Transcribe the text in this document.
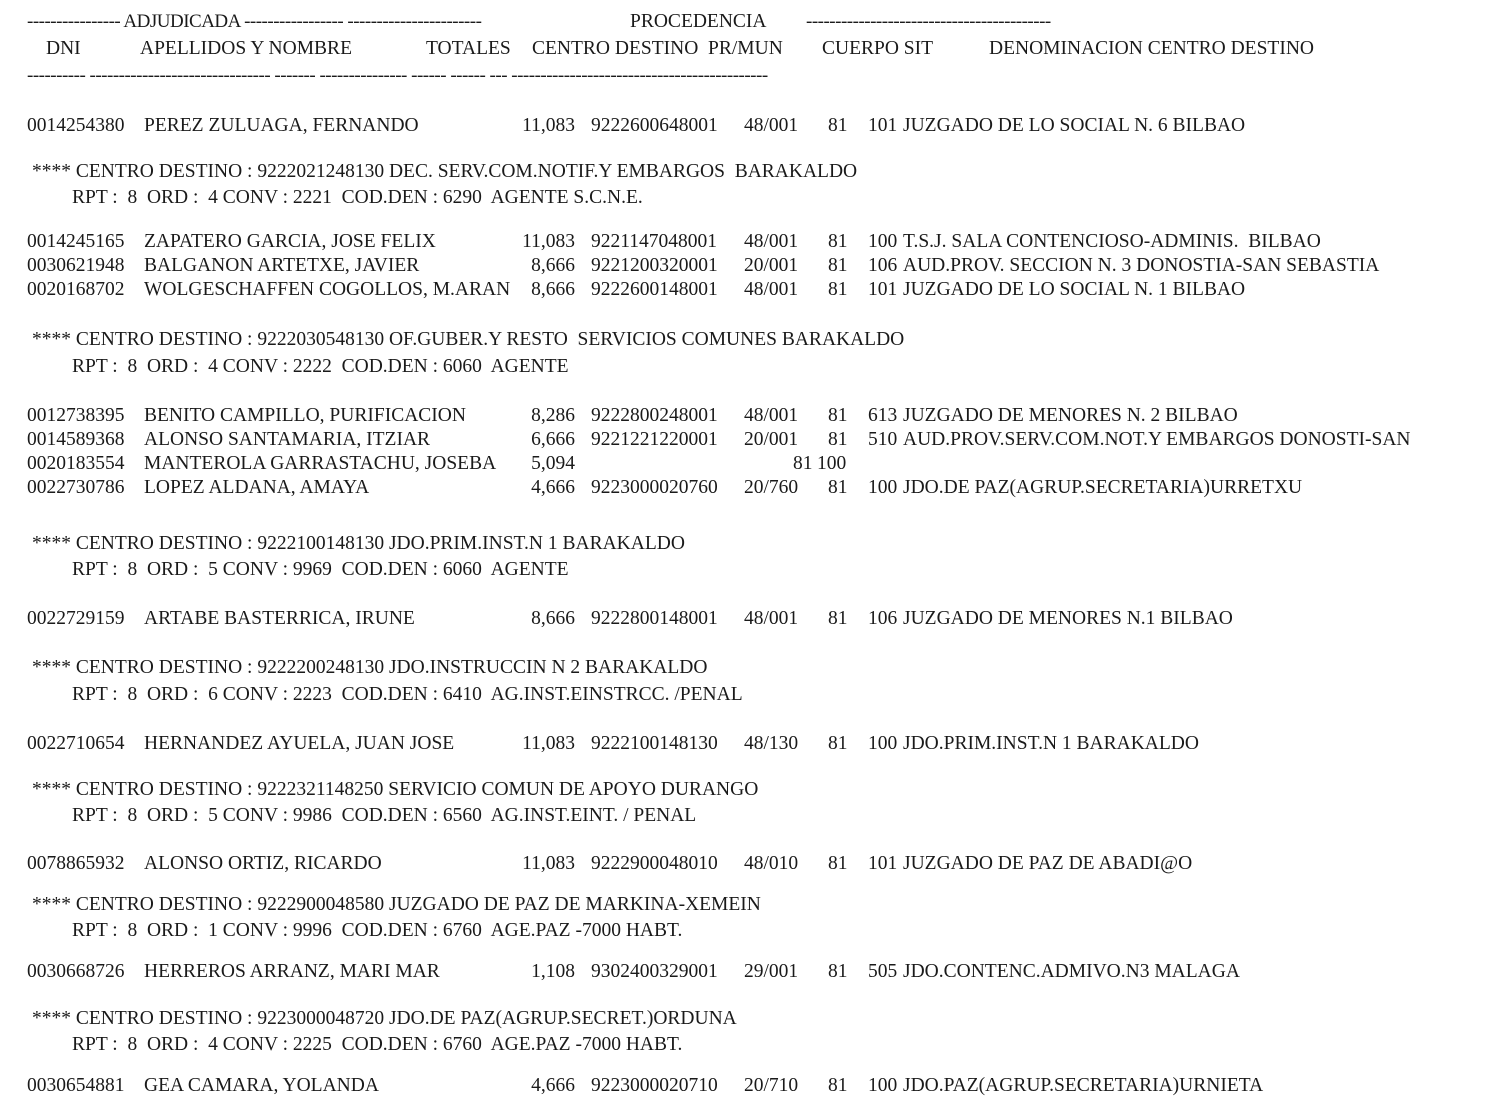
---------------- ADJUDICADA ----------------- -----------------------	PROCEDENCIA ------------------------------------------
DNI	APELLIDOS Y NOMBRE	TOTALES CENTRO DESTINO  PR/MUN CUERPO SIT	DENOMINACION CENTRO DESTINO
---------- ------------------------------- ------- --------------- ------ ------ --- --------------------------------------------
0014254380 PEREZ ZULUAGA, FERNANDO	11,083 9222600648001 48/001 81 101 JUZGADO DE LO SOCIAL N. 6 BILBAO
**** CENTRO DESTINO : 9222021248130 DEC. SERV.COM.NOTIF.Y EMBARGOS  BARAKALDO
RPT :  8  ORD :  4 CONV : 2221  COD.DEN : 6290  AGENTE S.C.N.E.
0014245165 ZAPATERO GARCIA, JOSE FELIX	11,083 9221147048001 48/001 81 100 T.S.J. SALA CONTENCIOSO-ADMINIS.  BILBAO
0030621948 BALGANON ARTETXE, JAVIER	8,666 9221200320001 20/001 81 106 AUD.PROV. SECCION N. 3 DONOSTIA-SAN SEBASTIA
0020168702 WOLGESCHAFFEN COGOLLOS, M.ARAN	8,666 9222600148001 48/001 81 101 JUZGADO DE LO SOCIAL N. 1 BILBAO
**** CENTRO DESTINO : 9222030548130 OF.GUBER.Y RESTO  SERVICIOS COMUNES BARAKALDO
RPT :  8  ORD :  4 CONV : 2222  COD.DEN : 6060  AGENTE
0012738395 BENITO CAMPILLO, PURIFICACION	8,286 9222800248001 48/001 81 613 JUZGADO DE MENORES N. 2 BILBAO
0014589368 ALONSO SANTAMARIA, ITZIAR	6,666 9221221220001 20/001 81 510 AUD.PROV.SERV.COM.NOT.Y EMBARGOS DONOSTI-SAN
0020183554 MANTEROLA GARRASTACHU, JOSEBA	5,094	81 100
0022730786 LOPEZ ALDANA, AMAYA	4,666 9223000020760 20/760 81 100 JDO.DE PAZ(AGRUP.SECRETARIA)URRETXU
**** CENTRO DESTINO : 9222100148130 JDO.PRIM.INST.N 1 BARAKALDO
RPT :  8  ORD :  5 CONV : 9969  COD.DEN : 6060  AGENTE
0022729159 ARTABE BASTERRICA, IRUNE	8,666 9222800148001 48/001 81 106 JUZGADO DE MENORES N.1 BILBAO
**** CENTRO DESTINO : 9222200248130 JDO.INSTRUCCIN N 2 BARAKALDO
RPT :  8  ORD :  6 CONV : 2223  COD.DEN : 6410  AG.INST.EINSTRCC. /PENAL
0022710654 HERNANDEZ AYUELA, JUAN JOSE	11,083 9222100148130 48/130 81 100 JDO.PRIM.INST.N 1 BARAKALDO
**** CENTRO DESTINO : 9222321148250 SERVICIO COMUN DE APOYO DURANGO
RPT :  8  ORD :  5 CONV : 9986  COD.DEN : 6560  AG.INST.EINT. / PENAL
0078865932 ALONSO ORTIZ, RICARDO	11,083 9222900048010 48/010 81 101 JUZGADO DE PAZ DE ABADI@O
**** CENTRO DESTINO : 9222900048580 JUZGADO DE PAZ DE MARKINA-XEMEIN
RPT :  8  ORD :  1 CONV : 9996  COD.DEN : 6760  AGE.PAZ -7000 HABT.
0030668726 HERREROS ARRANZ, MARI MAR	1,108 9302400329001 29/001 81 505 JDO.CONTENC.ADMIVO.N3 MALAGA
**** CENTRO DESTINO : 9223000048720 JDO.DE PAZ(AGRUP.SECRET.)ORDUNA
RPT :  8  ORD :  4 CONV : 2225  COD.DEN : 6760  AGE.PAZ -7000 HABT.
0030654881 GEA CAMARA, YOLANDA	4,666 9223000020710 20/710 81 100 JDO.PAZ(AGRUP.SECRETARIA)URNIETA
